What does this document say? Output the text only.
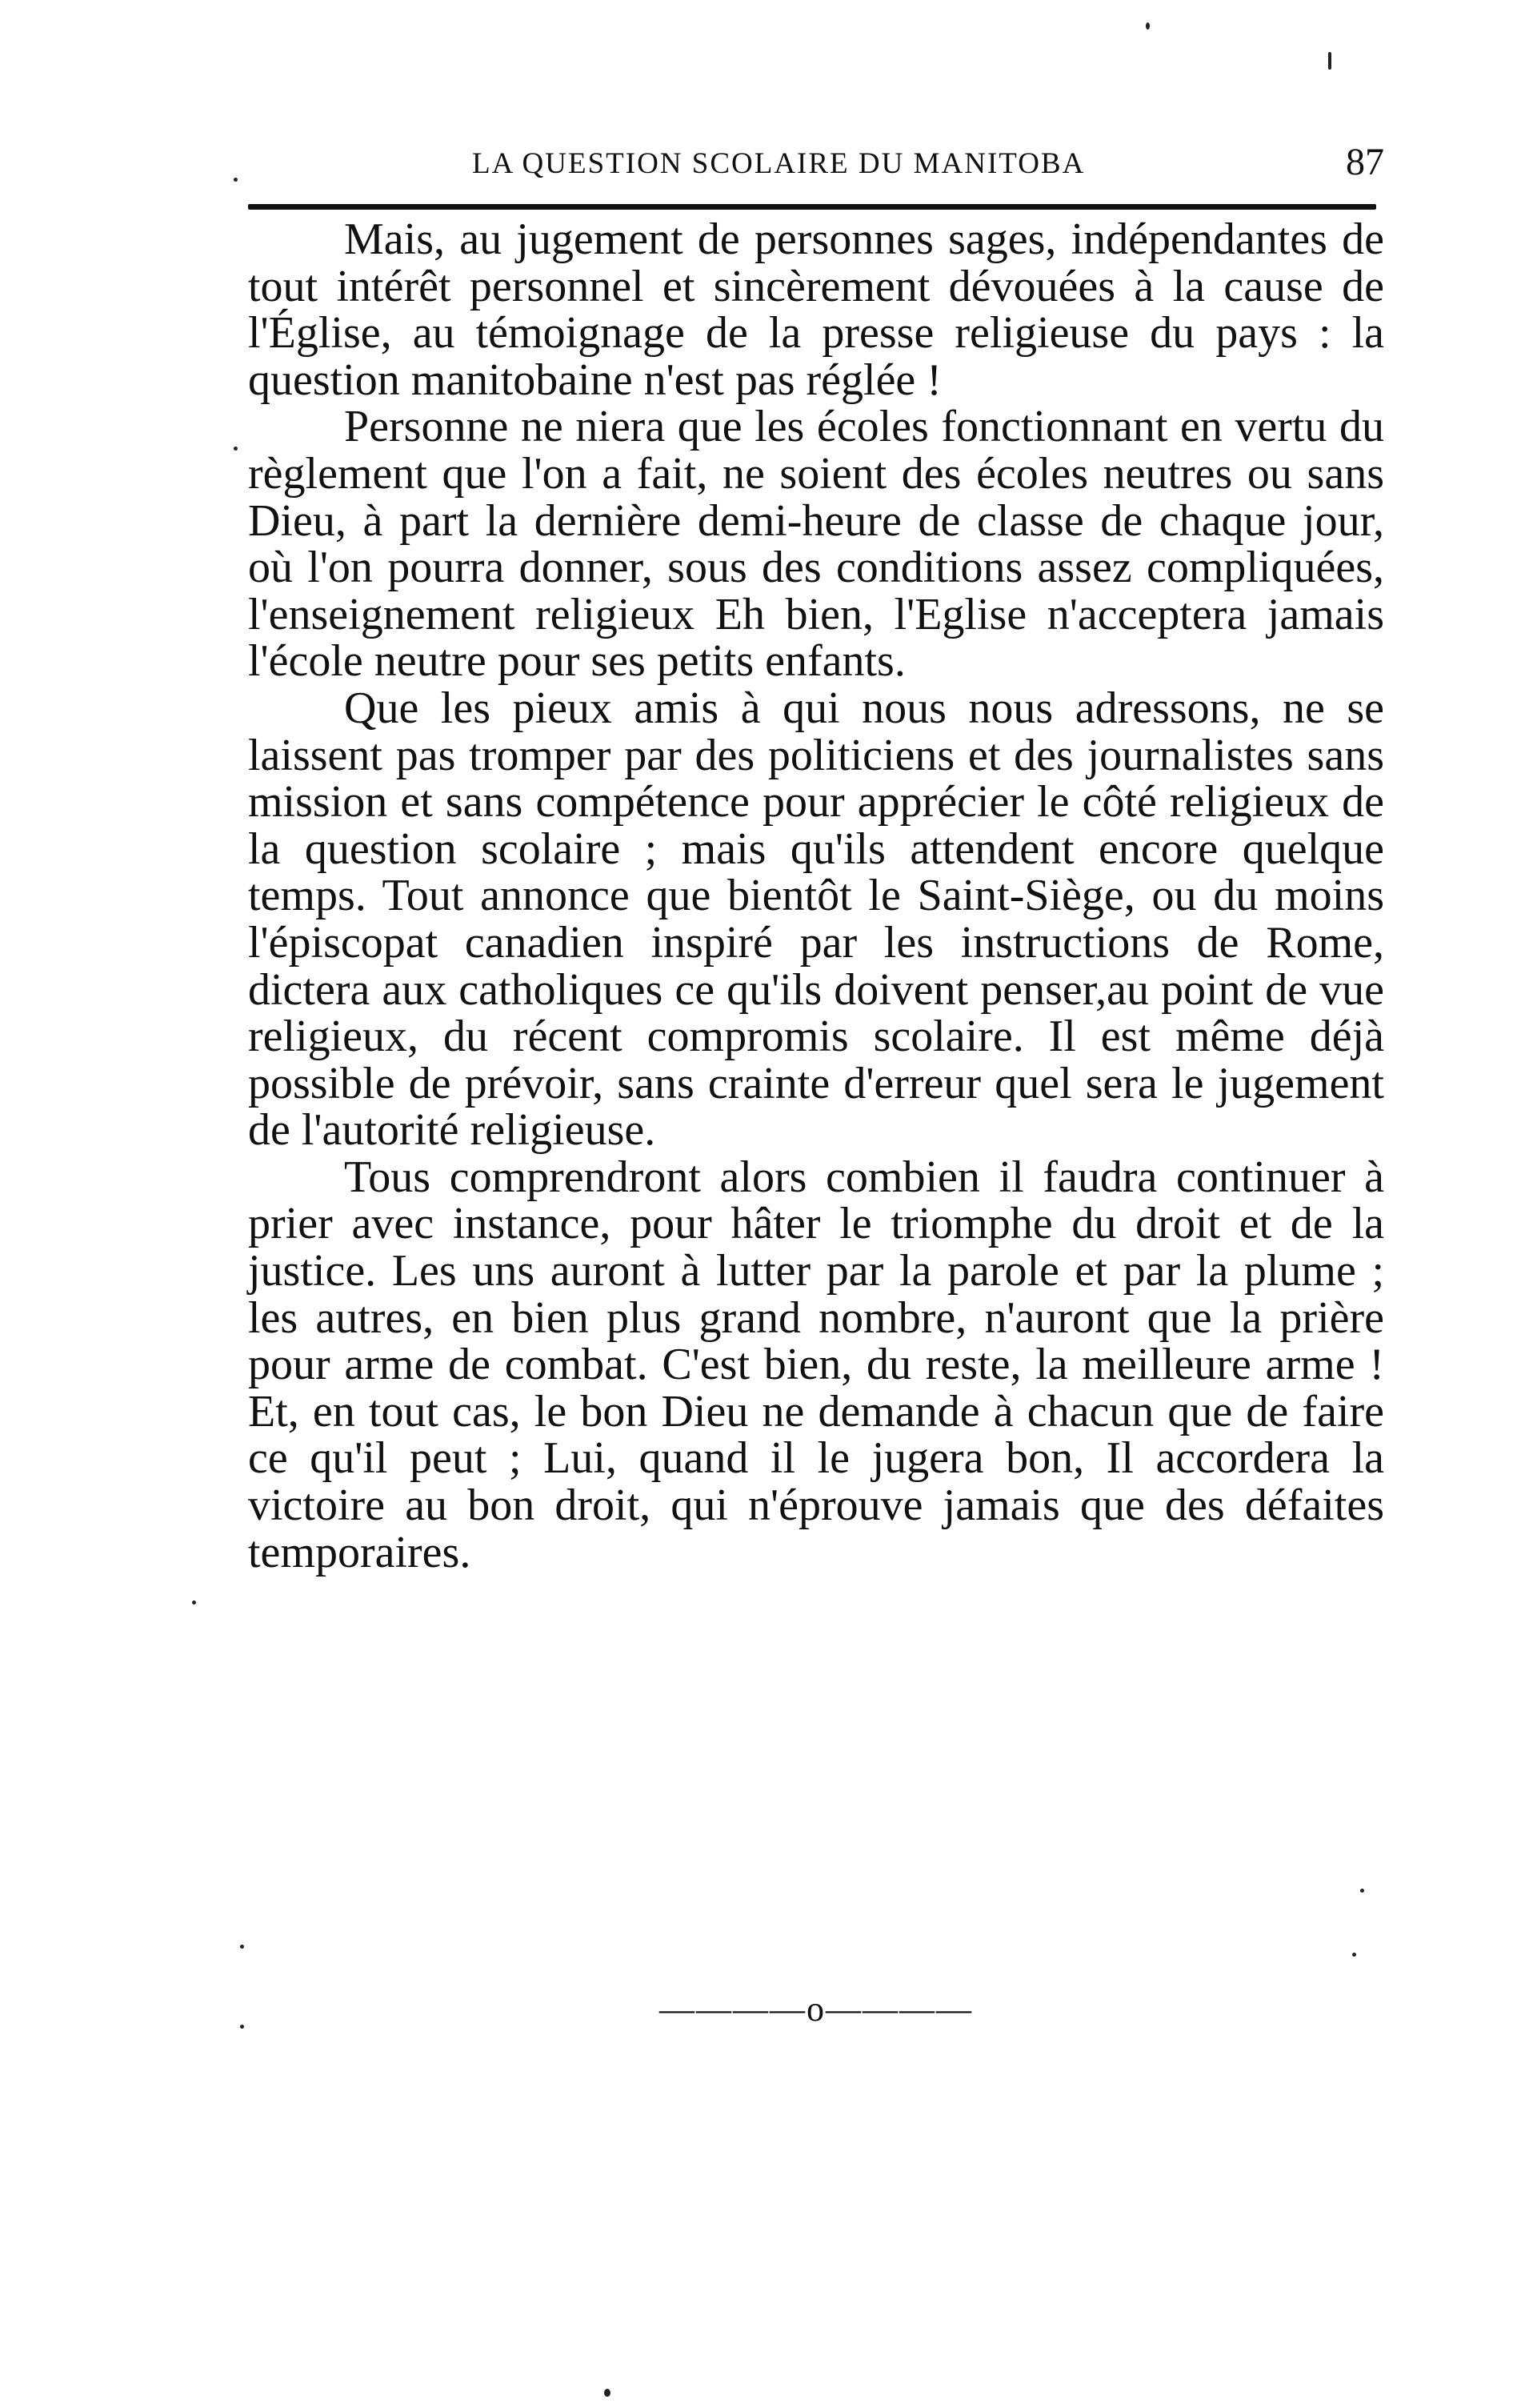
LA QUESTION SCOLAIRE DU MANITOBA	87

Mais, au jugement de personnes sages, indépendantes de tout intérêt personnel et sincèrement dévouées à la cause de l'Église, au témoignage de la presse religieuse du pays : la question manitobaine n'est pas réglée !

Personne ne niera que les écoles fonctionnant en vertu du règlement que l'on a fait, ne soient des écoles neutres ou sans Dieu, à part la dernière demi-heure de classe de chaque jour, où l'on pourra donner, sous des conditions assez compliquées, l'enseignement religieux Eh bien, l'Eglise n'acceptera jamais l'école neutre pour ses petits enfants.

Que les pieux amis à qui nous nous adressons, ne se laissent pas tromper par des politiciens et des journalistes sans mission et sans compétence pour apprécier le côté religieux de la question scolaire ; mais qu'ils attendent encore quelque temps. Tout annonce que bientôt le Saint-Siège, ou du moins l'épiscopat canadien inspiré par les instructions de Rome, dictera aux catholiques ce qu'ils doivent penser,au point de vue religieux, du récent compromis scolaire. Il est même déjà possible de prévoir, sans crainte d'erreur quel sera le jugement de l'autorité religieuse.

Tous comprendront alors combien il faudra continuer à prier avec instance, pour hâter le triomphe du droit et de la justice. Les uns auront à lutter par la parole et par la plume ; les autres, en bien plus grand nombre, n'auront que la prière pour arme de combat. C'est bien, du reste, la meilleure arme ! Et, en tout cas, le bon Dieu ne demande à chacun que de faire ce qu'il peut ; Lui, quand il le jugera bon, Il accordera la victoire au bon droit, qui n'éprouve jamais que des défaites temporaires.

————o————
